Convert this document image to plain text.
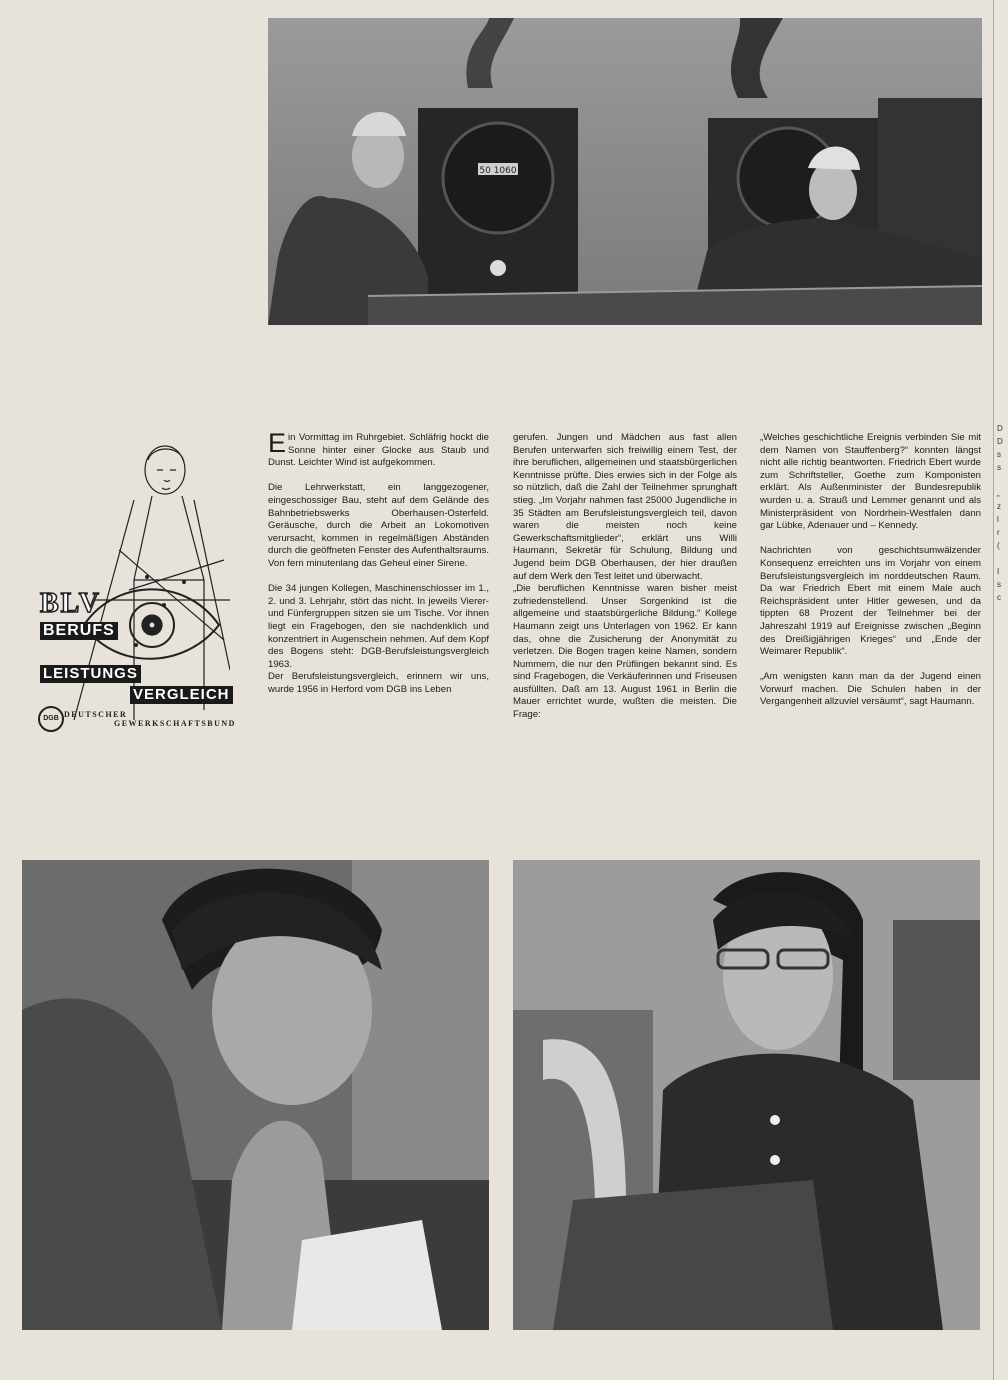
50 1060
BLV
BERUFS
LEISTUNGS
VERGLEICH
DGB DEUTSCHER
GEWERKSCHAFTSBUND

Ein Vormittag im Ruhrgebiet. Schläfrig hockt die Sonne hinter einer Glocke aus Staub und Dunst. Leichter Wind ist aufgekommen.

Die Lehrwerkstatt, ein langgezogener, eingeschossiger Bau, steht auf dem Gelände des Bahnbetriebswerks Oberhausen-Osterfeld. Geräusche, durch die Arbeit an Lokomotiven verursacht, kommen in regelmäßigen Abständen durch die geöffneten Fenster des Aufenthaltsraums. Von fern minutenlang das Geheul einer Sirene.

Die 34 jungen Kollegen, Maschinenschlosser im 1., 2. und 3. Lehrjahr, stört das nicht. In jeweils Vierer- und Fünfergruppen sitzen sie um Tische. Vor ihnen liegt ein Fragebogen, den sie nachdenklich und konzentriert in Augenschein nehmen. Auf dem Kopf des Bogens steht: DGB-Berufsleistungsvergleich 1963.

Der Berufsleistungsvergleich, erinnern wir uns, wurde 1956 in Herford vom DGB ins Leben

gerufen. Jungen und Mädchen aus fast allen Berufen unterwarfen sich freiwillig einem Test, der ihre beruflichen, allgemeinen und staatsbürgerlichen Kenntnisse prüfte. Dies erwies sich in der Folge als so nützlich, daß die Zahl der Teilnehmer sprunghaft stieg. „Im Vorjahr nahmen fast 25000 Jugendliche in 35 Städten am Berufsleistungsvergleich teil, davon waren die meisten noch keine Gewerkschaftsmitglieder“, erklärt uns Willi Haumann, Sekretär für Schulung, Bildung und Jugend beim DGB Oberhausen, der hier draußen auf dem Werk den Test leitet und überwacht.

„Die beruflichen Kenntnisse waren bisher meist zufriedenstellend. Unser Sorgenkind ist die allgemeine und staatsbürgerliche Bildung.“ Kollege Haumann zeigt uns Unterlagen von 1962. Er kann das, ohne die Zusicherung der Anonymität zu verletzen. Die Bogen tragen keine Namen, sondern Nummern, die nur den Prüflingen bekannt sind. Es sind Fragebogen, die Verkäuferinnen und Friseusen ausfüllten. Daß am 13. August 1961 in Berlin die Mauer errichtet wurde, wußten die meisten. Die Frage:

„Welches geschichtliche Ereignis verbinden Sie mit dem Namen von Stauffenberg?“ konnten längst nicht alle richtig beantworten. Friedrich Ebert wurde zum Schriftsteller, Goethe zum Komponisten erklärt. Als Außenminister der Bundesrepublik wurden u. a. Strauß und Lemmer genannt und als Ministerpräsident von Nordrhein-Westfalen dann gar Lübke, Adenauer und – Kennedy.

Nachrichten von geschichtsumwälzender Konsequenz erreichten uns im Vorjahr von einem Berufsleistungsvergleich im norddeutschen Raum. Da war Friedrich Ebert mit einem Male auch Reichspräsident unter Hitler gewesen, und da tippten 68 Prozent der Teilnehmer bei der Jahreszahl 1919 auf Ereignisse zwischen „Beginn des Dreißigjährigen Krieges“ und „Ende der Weimarer Republik“.

„Am wenigsten kann man da der Jugend einen Vorwurf machen. Die Schulen haben in der Vergangenheit allzuviel versäumt“, sagt Haumann.

D
D
s
s
„
z
l
r
(
I
s
c
